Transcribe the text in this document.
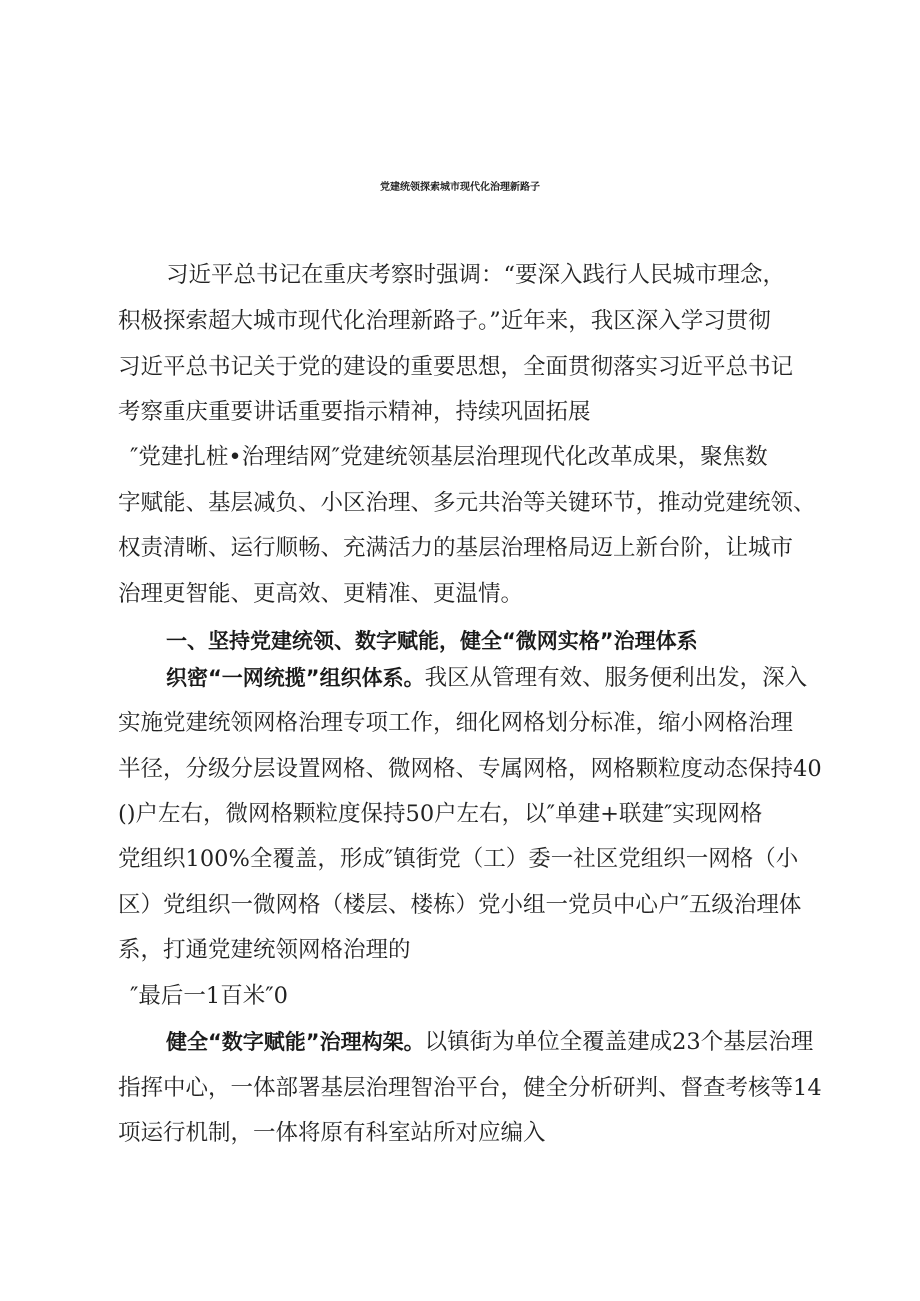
党建统领探索城市现代化治理新路子
习近平总书记在重庆考察时强调：“要深入践行人民城市理念，
积极探索超大城市现代化治理新路子。”近年来，我区深入学习贯彻
习近平总书记关于党的建设的重要思想，全面贯彻落实习近平总书记
考察重庆重要讲话重要指示精神，持续巩固拓展
″党建扎桩•治理结网″党建统领基层治理现代化改革成果，聚焦数
字赋能、基层减负、小区治理、多元共治等关键环节，推动党建统领、
权责清晰、运行顺畅、充满活力的基层治理格局迈上新台阶，让城市
治理更智能、更高效、更精准、更温情。
一、坚持党建统领、数字赋能，健全“微网实格”治理体系
织密“一网统揽”组织体系。我区从管理有效、服务便利出发，深入
实施党建统领网格治理专项工作，细化网格划分标准，缩小网格治理
半径，分级分层设置网格、微网格、专属网格，网格颗粒度动态保持40
()户左右，微网格颗粒度保持50户左右，以″单建+联建″实现网格
党组织100%全覆盖，形成″镇街党（工）委一社区党组织一网格（小
区）党组织一微网格（楼层、楼栋）党小组一党员中心户″五级治理体
系，打通党建统领网格治理的
″最后一1百米″0
健全“数字赋能”治理构架。以镇街为单位全覆盖建成23个基层治理
指挥中心，一体部署基层治理智治平台，健全分析研判、督查考核等14
项运行机制，一体将原有科室站所对应编入
